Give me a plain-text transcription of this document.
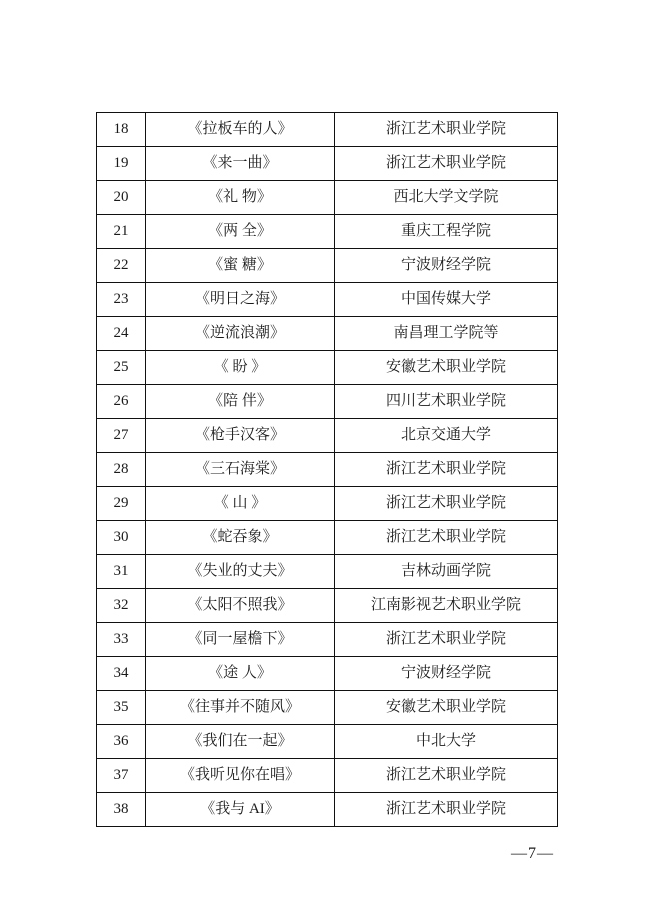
18	《拉板车的人》	浙江艺术职业学院
19	《来一曲》	浙江艺术职业学院
20	《礼 物》	西北大学文学院
21	《两 全》	重庆工程学院
22	《蜜 糖》	宁波财经学院
23	《明日之海》	中国传媒大学
24	《逆流浪潮》	南昌理工学院等
25	《 盼 》	安徽艺术职业学院
26	《陪 伴》	四川艺术职业学院
27	《枪手汉客》	北京交通大学
28	《三石海棠》	浙江艺术职业学院
29	《 山 》	浙江艺术职业学院
30	《蛇吞象》	浙江艺术职业学院
31	《失业的丈夫》	吉林动画学院
32	《太阳不照我》	江南影视艺术职业学院
33	《同一屋檐下》	浙江艺术职业学院
34	《途 人》	宁波财经学院
35	《往事并不随风》	安徽艺术职业学院
36	《我们在一起》	中北大学
37	《我听见你在唱》	浙江艺术职业学院
38	《我与 AI》	浙江艺术职业学院
—7—
